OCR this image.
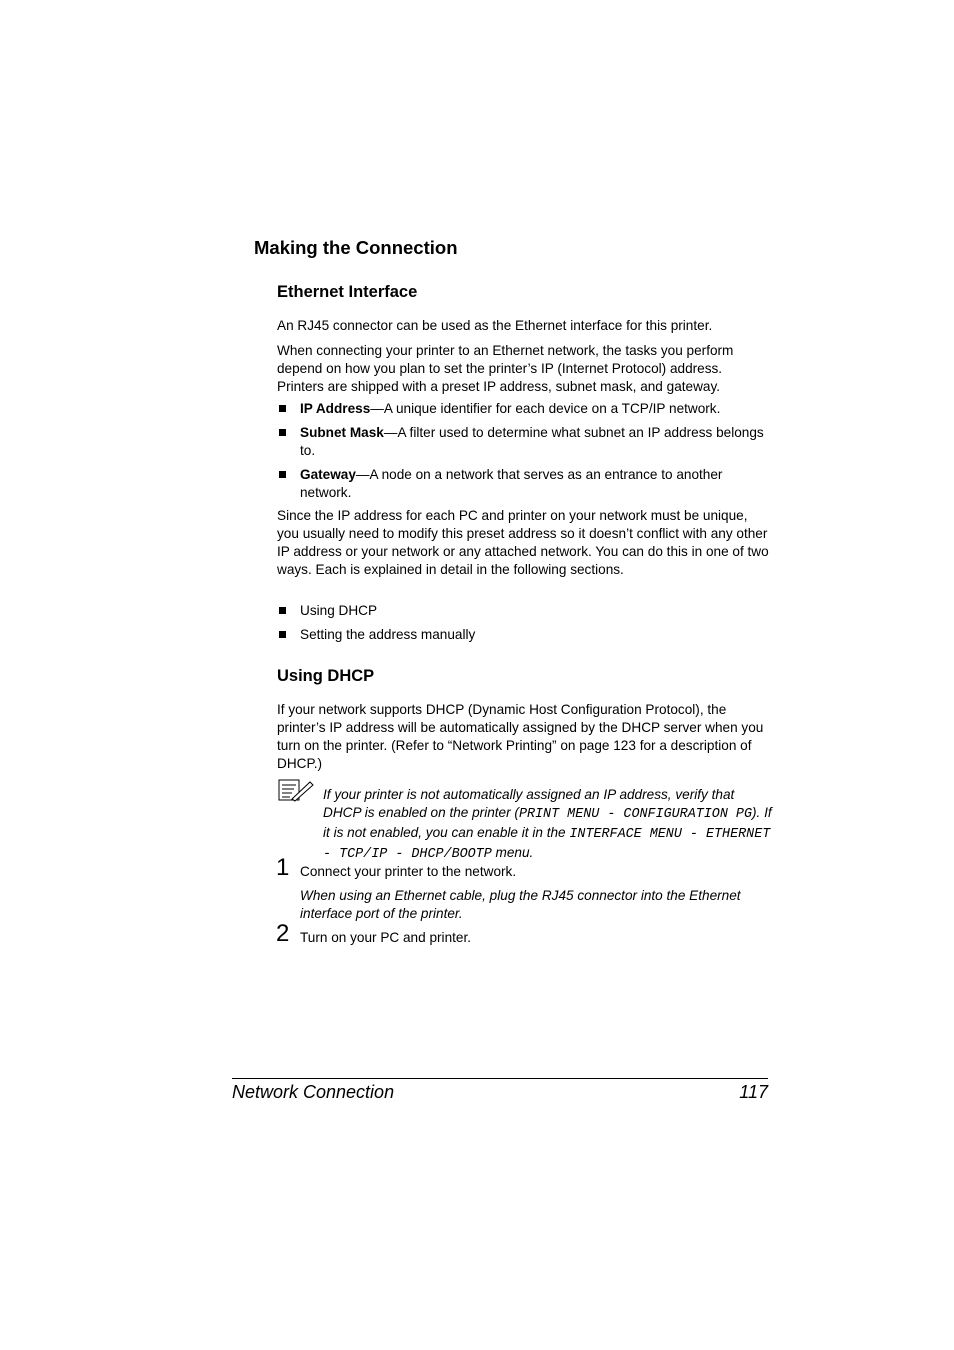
Making the Connection
Ethernet Interface
An RJ45 connector can be used as the Ethernet interface for this printer.
When connecting your printer to an Ethernet network, the tasks you perform depend on how you plan to set the printer’s IP (Internet Protocol) address. Printers are shipped with a preset IP address, subnet mask, and gateway.
IP Address—A unique identifier for each device on a TCP/IP network.
Subnet Mask—A filter used to determine what subnet an IP address belongs to.
Gateway—A node on a network that serves as an entrance to another network.
Since the IP address for each PC and printer on your network must be unique, you usually need to modify this preset address so it doesn’t conflict with any other IP address or your network or any attached network. You can do this in one of two ways. Each is explained in detail in the following sections.
Using DHCP
Setting the address manually
Using DHCP
If your network supports DHCP (Dynamic Host Configuration Protocol), the printer’s IP address will be automatically assigned by the DHCP server when you turn on the printer. (Refer to “Network Printing” on page 123 for a description of DHCP.)
If your printer is not automatically assigned an IP address, verify that DHCP is enabled on the printer (PRINT MENU - CONFIGURATION PG). If it is not enabled, you can enable it in the INTERFACE MENU - ETHERNET - TCP/IP - DHCP/BOOTP menu.
1 Connect your printer to the network.
When using an Ethernet cable, plug the RJ45 connector into the Ethernet interface port of the printer.
2 Turn on your PC and printer.
Network Connection	117
